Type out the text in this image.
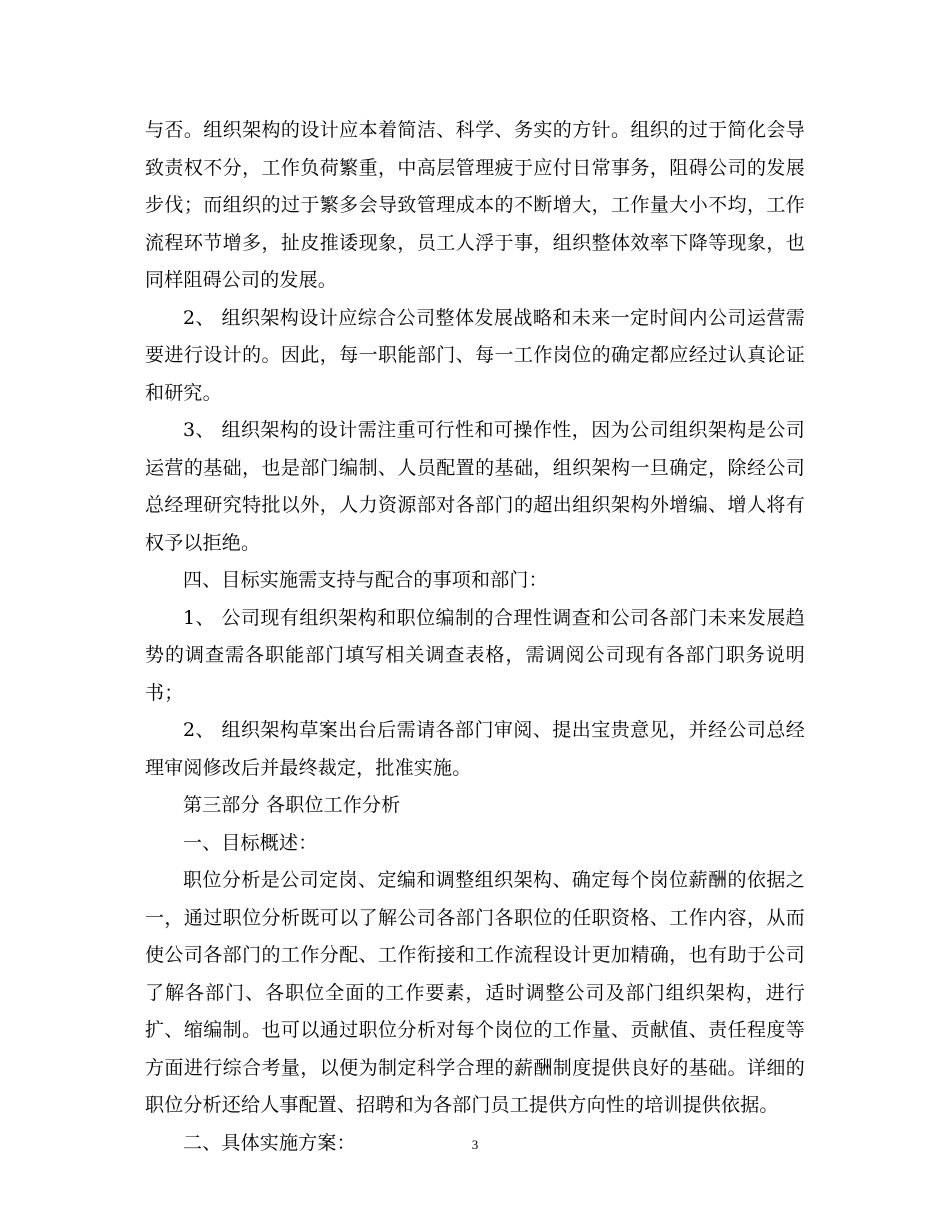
与否。组织架构的设计应本着简洁、科学、务实的方针。组织的过于简化会导致责权不分，工作负荷繁重，中高层管理疲于应付日常事务，阻碍公司的发展步伐；而组织的过于繁多会导致管理成本的不断增大，工作量大小不均，工作流程环节增多，扯皮推诿现象，员工人浮于事，组织整体效率下降等现象，也同样阻碍公司的发展。

2、 组织架构设计应综合公司整体发展战略和未来一定时间内公司运营需要进行设计的。因此，每一职能部门、每一工作岗位的确定都应经过认真论证和研究。

3、 组织架构的设计需注重可行性和可操作性，因为公司组织架构是公司运营的基础，也是部门编制、人员配置的基础，组织架构一旦确定，除经公司总经理研究特批以外，人力资源部对各部门的超出组织架构外增编、增人将有权予以拒绝。

四、目标实施需支持与配合的事项和部门：

1、 公司现有组织架构和职位编制的合理性调查和公司各部门未来发展趋势的调查需各职能部门填写相关调查表格，需调阅公司现有各部门职务说明书；

2、 组织架构草案出台后需请各部门审阅、提出宝贵意见，并经公司总经理审阅修改后并最终裁定，批准实施。

第三部分 各职位工作分析

一、目标概述：

职位分析是公司定岗、定编和调整组织架构、确定每个岗位薪酬的依据之一，通过职位分析既可以了解公司各部门各职位的任职资格、工作内容，从而使公司各部门的工作分配、工作衔接和工作流程设计更加精确，也有助于公司了解各部门、各职位全面的工作要素，适时调整公司及部门组织架构，进行扩、缩编制。也可以通过职位分析对每个岗位的工作量、贡献值、责任程度等方面进行综合考量，以便为制定科学合理的薪酬制度提供良好的基础。详细的职位分析还给人事配置、招聘和为各部门员工提供方向性的培训提供依据。

二、具体实施方案：	3
